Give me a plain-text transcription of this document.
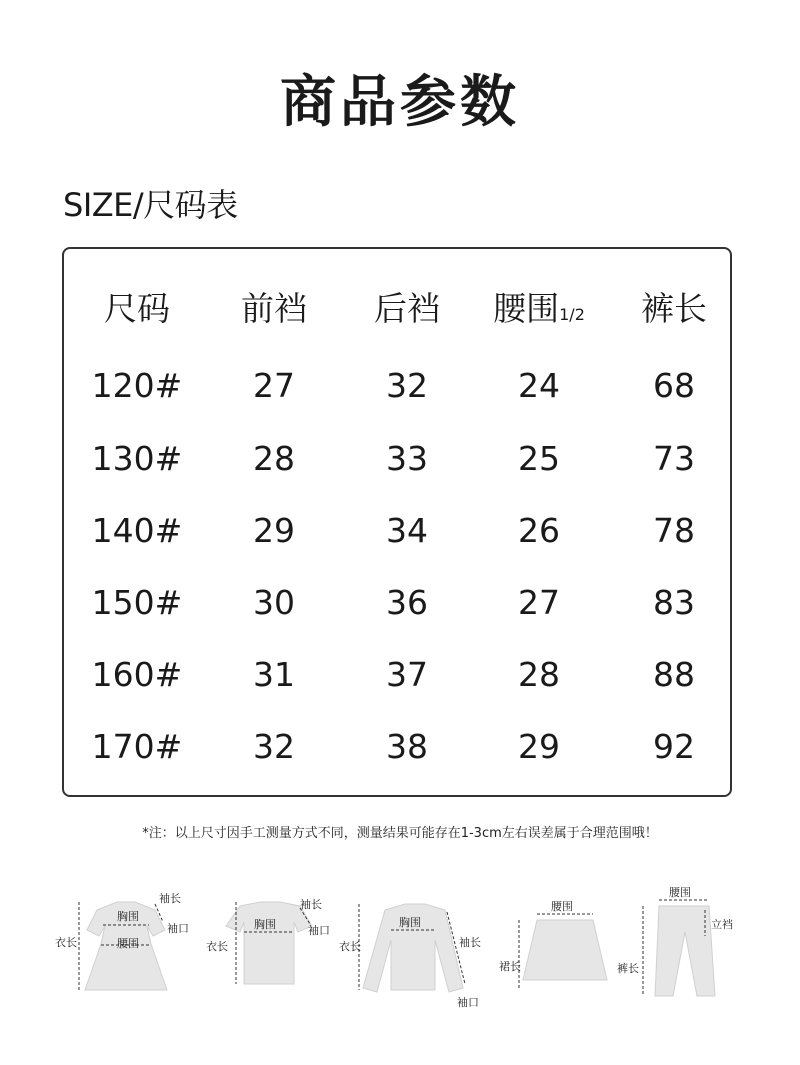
商品参数
SIZE/尺码表
尺码	前裆	后裆	腰围1/2	裤长
120#	27	32	24	68
130#	28	33	25	73
140#	29	34	26	78
150#	30	36	27	83
160#	31	37	28	88
170#	32	38	29	92
*注：以上尺寸因手工测量方式不同，测量结果可能存在1-3cm左右误差属于合理范围哦！
袖长
胸围
袖口
衣长	腰围
袖长
胸围	袖口
衣长
胸围
衣长	袖长
袖口
腰围
裙长
腰围
立裆
裤长
